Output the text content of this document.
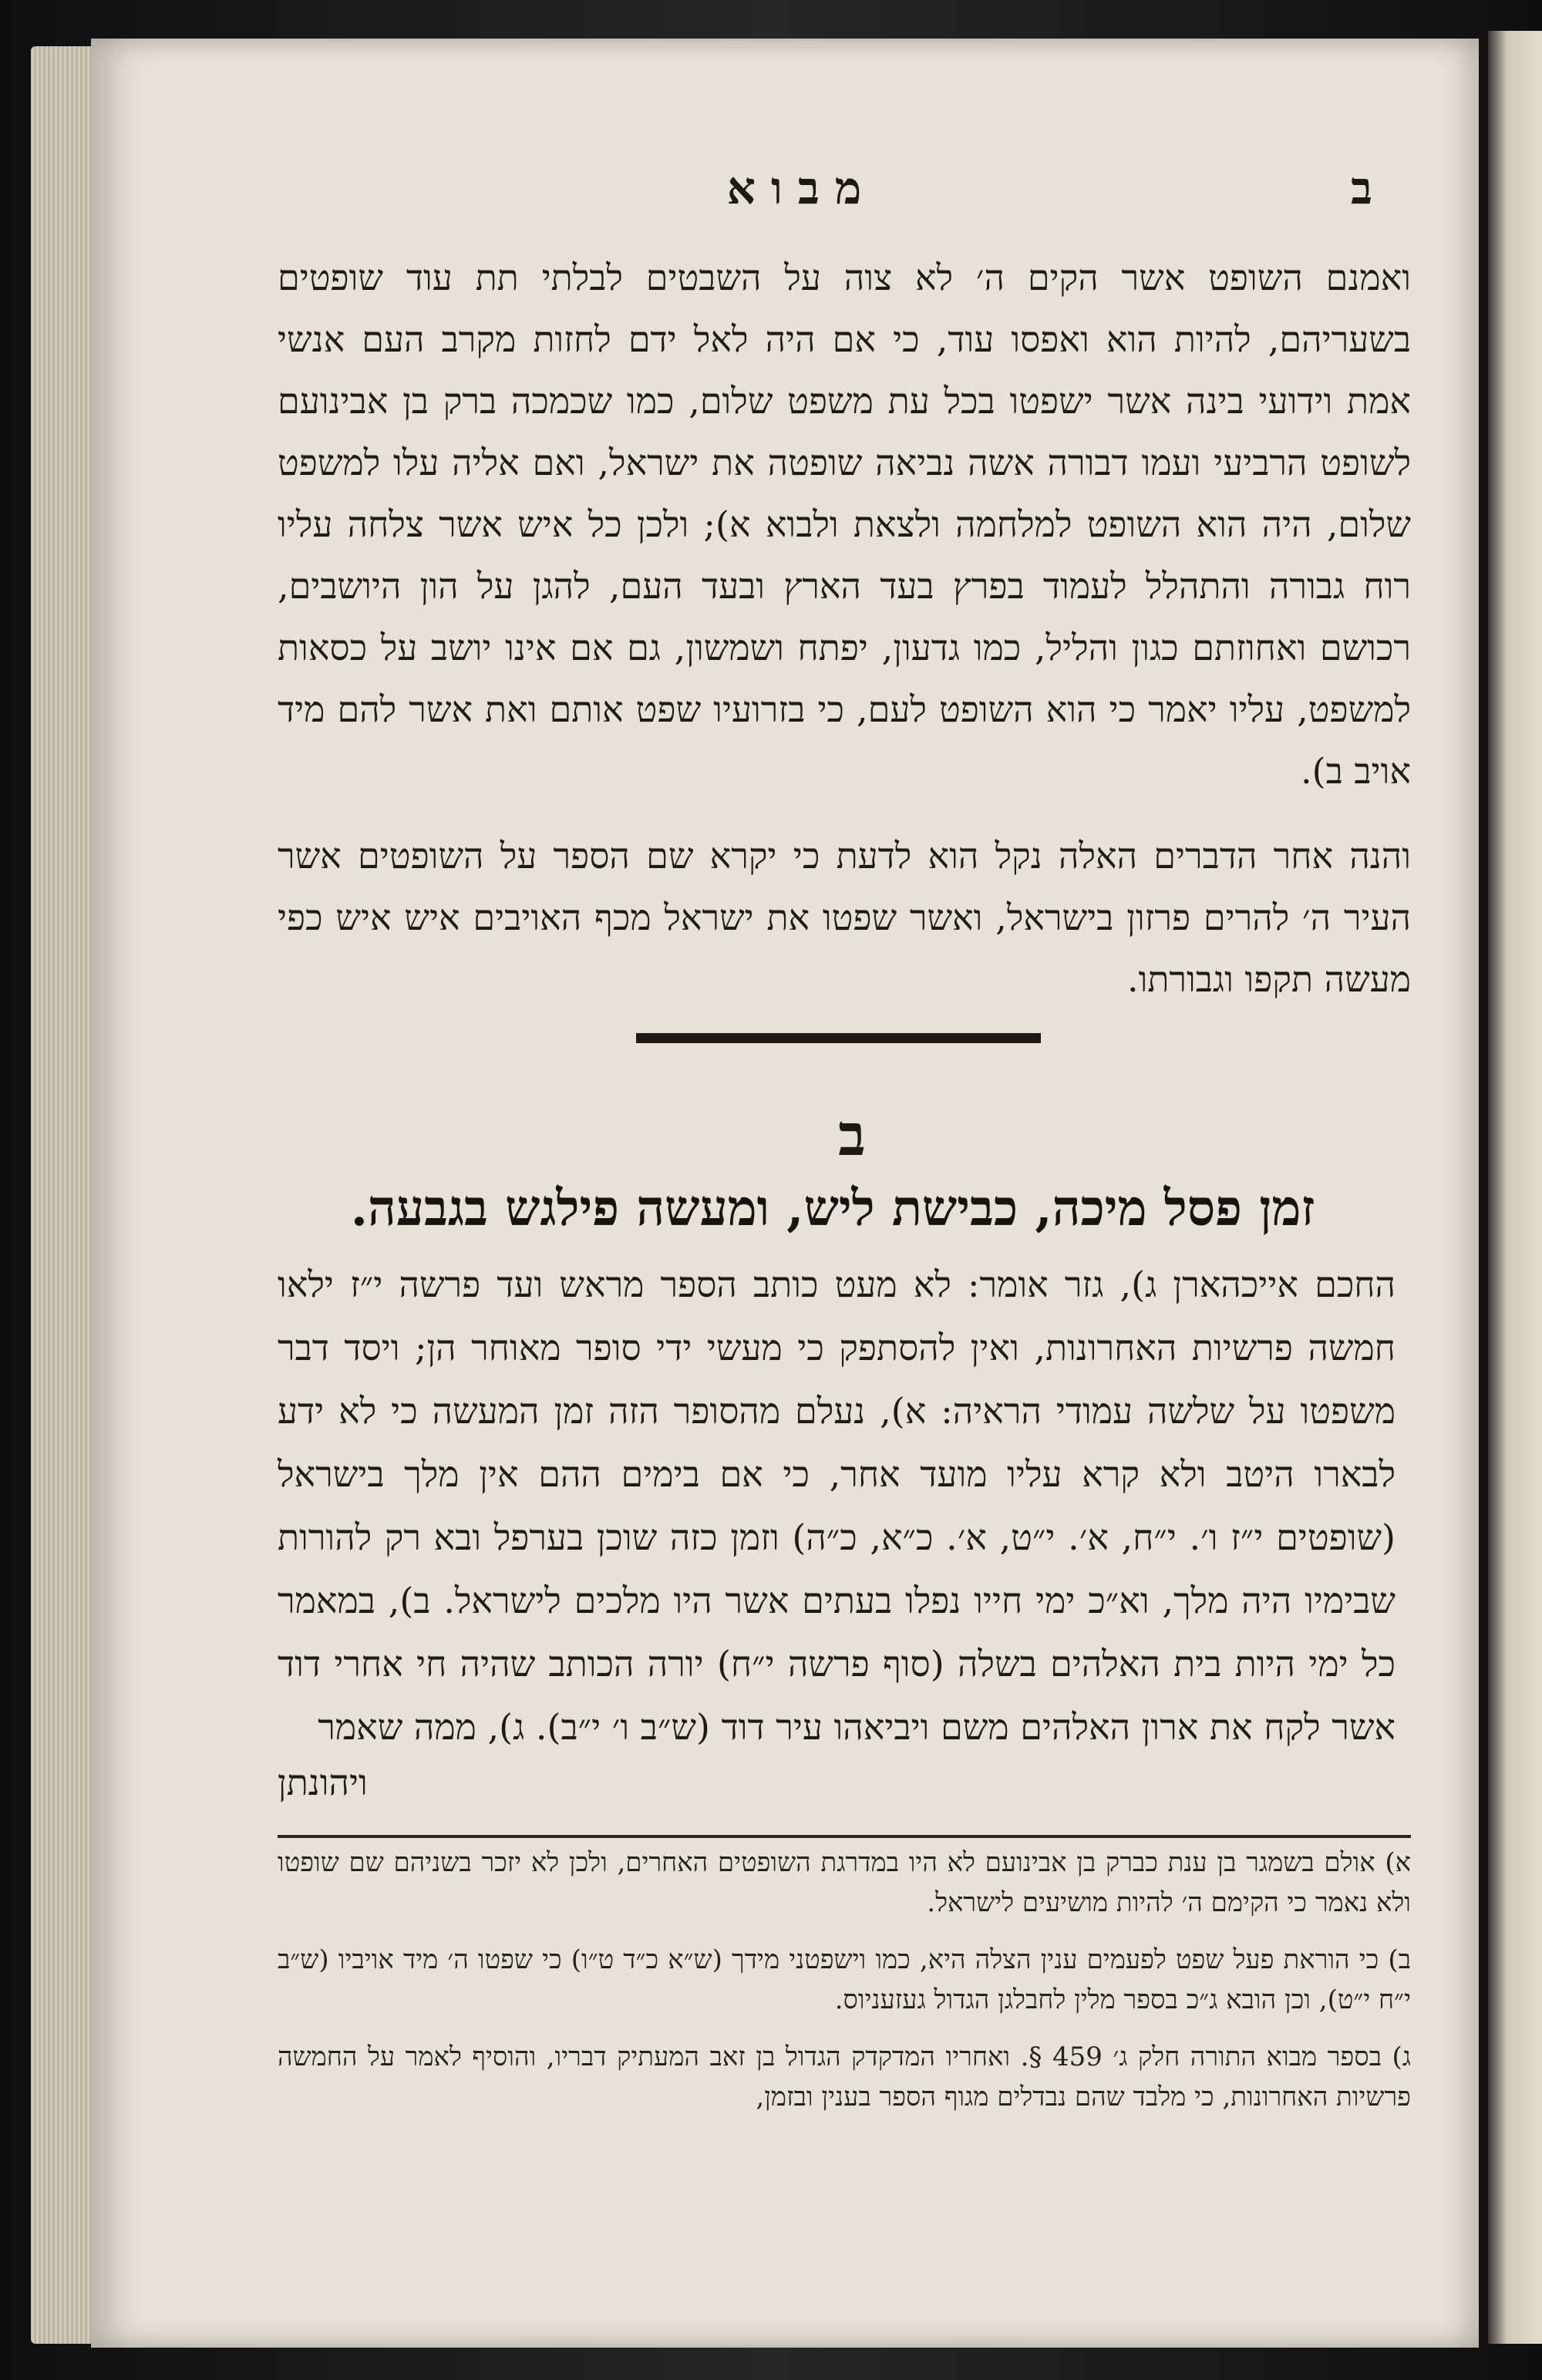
מבוא	ב

ואמנם השופט אשר הקים ה׳ לא צוה על השבטים לבלתי תת עוד שופטים בשעריהם, להיות הוא ואפסו עוד, כי אם היה לאל ידם לחזות מקרב העם אנשי אמת וידועי בינה אשר ישפטו בכל עת משפט שלום, כמו שכמכה ברק בן אבינועם לשופט הרביעי ועמו דבורה אשה נביאה שופטה את ישראל, ואם אליה עלו למשפט שלום, היה הוא השופט למלחמה ולצאת ולבוא א); ולכן כל איש אשר צלחה עליו רוח גבורה והתהלל לעמוד בפרץ בעד הארץ ובעד העם, להגן על הון היושבים, רכושם ואחוזתם כגון והליל, כמו גדעון, יפתח ושמשון, גם אם אינו יושב על כסאות למשפט, עליו יאמר כי הוא השופט לעם, כי בזרועיו שפט אותם ואת אשר להם מיד אויב ב).

והנה אחר הדברים האלה נקל הוא לדעת כי יקרא שם הספר על השופטים אשר העיר ה׳ להרים פרזון בישראל, ואשר שפטו את ישראל מכף האויבים איש איש כפי מעשה תקפו וגבורתו.

ב
זמן פסל מיכה, כבישת ליש, ומעשה פילגש בגבעה.

החכם אייכהארן ג), גזר אומר: לא מעט כותב הספר מראש ועד פרשה י״ז ילאו חמשה פרשיות האחרונות, ואין להסתפק כי מעשי ידי סופר מאוחר הן; ויסד דבר משפטו על שלשה עמודי הראיה: א), נעלם מהסופר הזה זמן המעשה כי לא ידע לבארו היטב ולא קרא עליו מועד אחר, כי אם בימים ההם אין מלך בישראל (שופטים י״ז ו׳. י״ח, א׳. י״ט, א׳. כ״א, כ״ה) וזמן כזה שוכן בערפל ובא רק להורות שבימיו היה מלך, וא״כ ימי חייו נפלו בעתים אשר היו מלכים לישראל. ב), במאמר כל ימי היות בית האלהים בשלה (סוף פרשה י״ח) יורה הכותב שהיה חי אחרי דוד אשר לקח את ארון האלהים משם ויביאהו עיר דוד (ש״ב ו׳ י״ב). ג), ממה שאמר

ויהונתן
א) אולם בשמגר בן ענת כברק בן אבינועם לא היו במדרגת השופטים האחרים, ולכן לא יזכר בשניהם שם שופטו ולא נאמר כי הקימם ה׳ להיות מושיעים לישראל.
ב) כי הוראת פעל שפט לפעמים ענין הצלה היא, כמו וישפטני מידך (ש״א כ״ד ט״ו) כי שפטו ה׳ מיד אויביו (ש״ב י״ח י״ט), וכן הובא ג״כ בספר מלין לחבלגן הגדול געזעניוס.
ג) בספר מבוא התורה חלק ג׳ 459 §. ואחריו המדקדק הגדול בן זאב המעתיק דבריו, והוסיף לאמר על החמשה פרשיות האחרונות, כי מלבד שהם נבדלים מגוף הספר בענין ובזמן,
